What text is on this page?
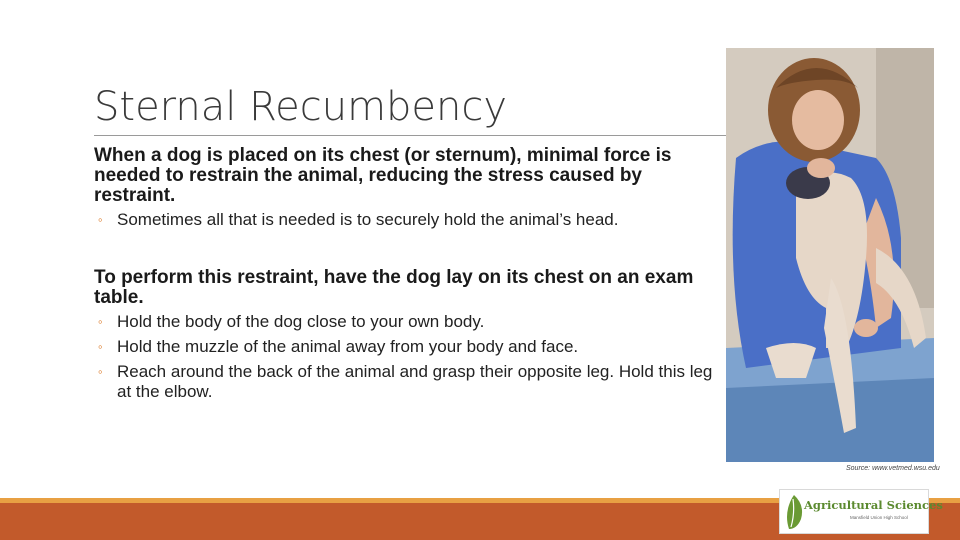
Sternal Recumbency

When a dog is placed on its chest (or sternum), minimal force is needed to restrain the animal, reducing the stress caused by restraint.

◦ Sometimes all that is needed is to securely hold the animal’s head.

To perform this restraint, have the dog lay on its chest on an exam table.

◦ Hold the body of the dog close to your own body.
◦ Hold the muzzle of the animal away from your body and face.
◦ Reach around the back of the animal and grasp their opposite leg. Hold this leg at the elbow.
Source: www.vetmed.wsu.edu
Agricultural Sciences
Mansfield Union High School
